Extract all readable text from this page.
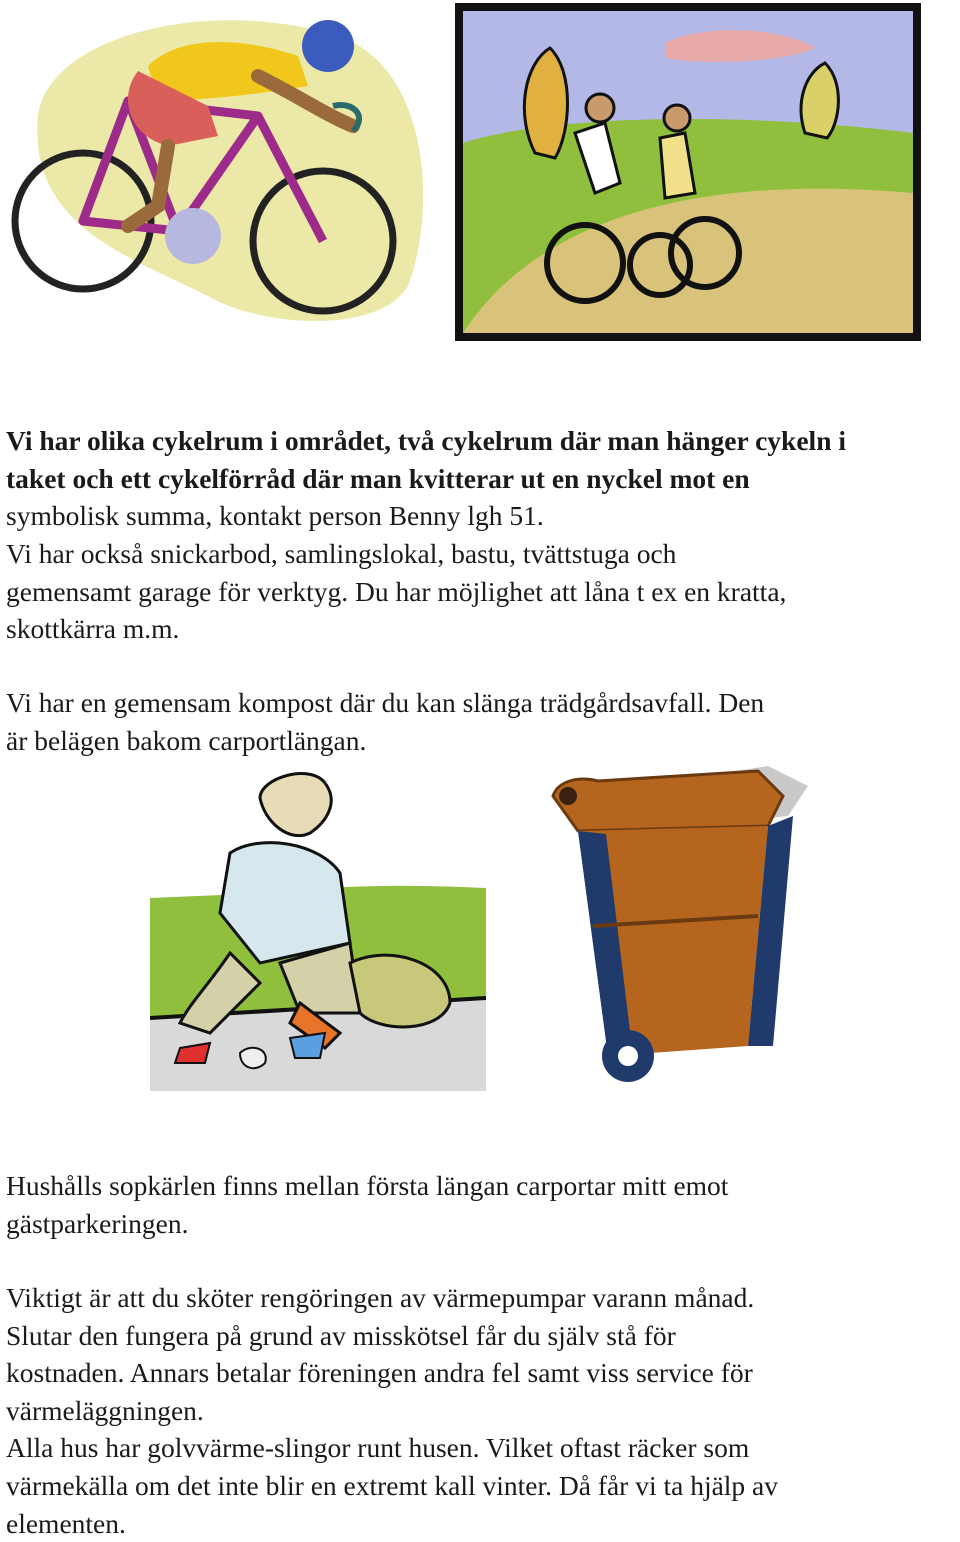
Vi har olika cykelrum i området, två cykelrum där man hänger cykeln i
taket och ett cykelförråd där man kvitterar ut en nyckel mot en
symbolisk summa, kontakt person Benny lgh 51.
Vi har också snickarbod, samlingslokal, bastu, tvättstuga och
gemensamt garage för verktyg. Du har möjlighet att låna t ex en kratta,
skottkärra m.m.
Vi har en gemensam kompost där du kan slänga trädgårdsavfall. Den
är belägen bakom carportlängan.
Hushålls sopkärlen finns mellan första längan carportar mitt emot
gästparkeringen.
Viktigt är att du sköter rengöringen av värmepumpar varann månad.
Slutar den fungera på grund av misskötsel får du själv stå för
kostnaden. Annars betalar föreningen andra fel samt viss service för
värmeläggningen.
Alla hus har golvvärme-slingor runt husen. Vilket oftast räcker som
värmekälla om det inte blir en extremt kall vinter. Då får vi ta hjälp av
elementen.
